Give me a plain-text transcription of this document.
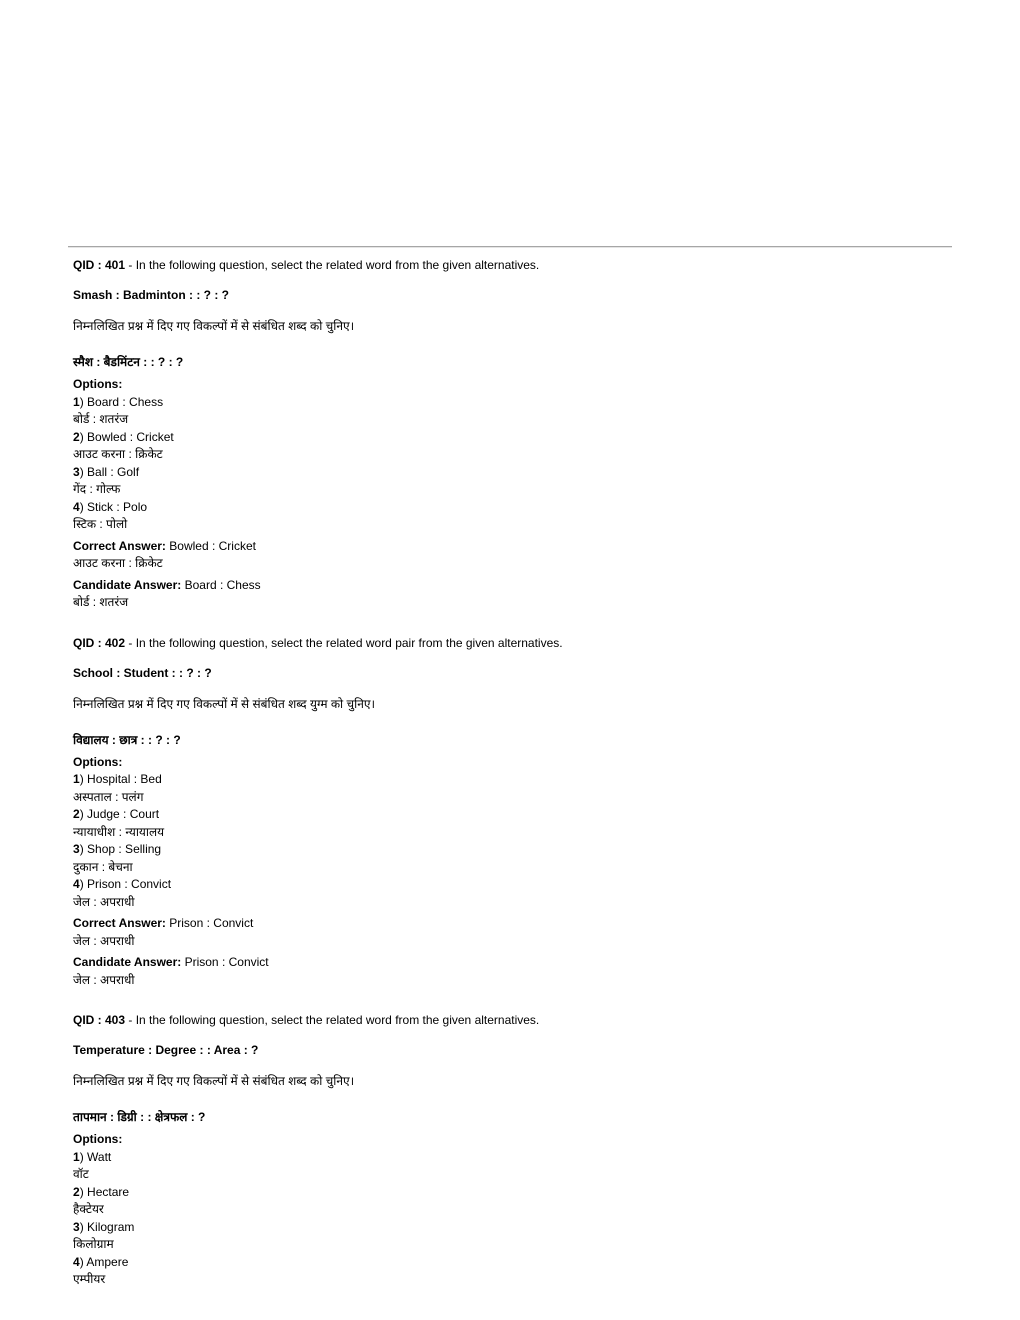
QID : 401 - In the following question, select the related word from the given alternatives.

Smash : Badminton : : ? : ?

निम्नलिखित प्रश्न में दिए गए विकल्पों में से संबंधित शब्द को चुनिए।

स्मैश : बैडमिंटन : : ? : ?

Options:
1) Board : Chess
बोर्ड : शतरंज
2) Bowled : Cricket
आउट करना : क्रिकेट
3) Ball : Golf
गेंद : गोल्फ
4) Stick : Polo
स्टिक : पोलो
Correct Answer: Bowled : Cricket
आउट करना : क्रिकेट
Candidate Answer: Board : Chess
बोर्ड : शतरंज

QID : 402 - In the following question, select the related word pair from the given alternatives.

School : Student : : ? : ?

निम्नलिखित प्रश्न में दिए गए विकल्पों में से संबंधित शब्द युग्म को चुनिए।

विद्यालय : छात्र : : ? : ?

Options:
1) Hospital : Bed
अस्पताल : पलंग
2) Judge : Court
न्यायाधीश : न्यायालय
3) Shop : Selling
दुकान : बेचना
4) Prison : Convict
जेल : अपराधी
Correct Answer: Prison : Convict
जेल : अपराधी
Candidate Answer: Prison : Convict
जेल : अपराधी

QID : 403 - In the following question, select the related word from the given alternatives.

Temperature : Degree : : Area : ?

निम्नलिखित प्रश्न में दिए गए विकल्पों में से संबंधित शब्द को चुनिए।

तापमान : डिग्री : : क्षेत्रफल : ?

Options:
1) Watt
वॉट
2) Hectare
हैक्टेयर
3) Kilogram
किलोग्राम
4) Ampere
एम्पीयर
